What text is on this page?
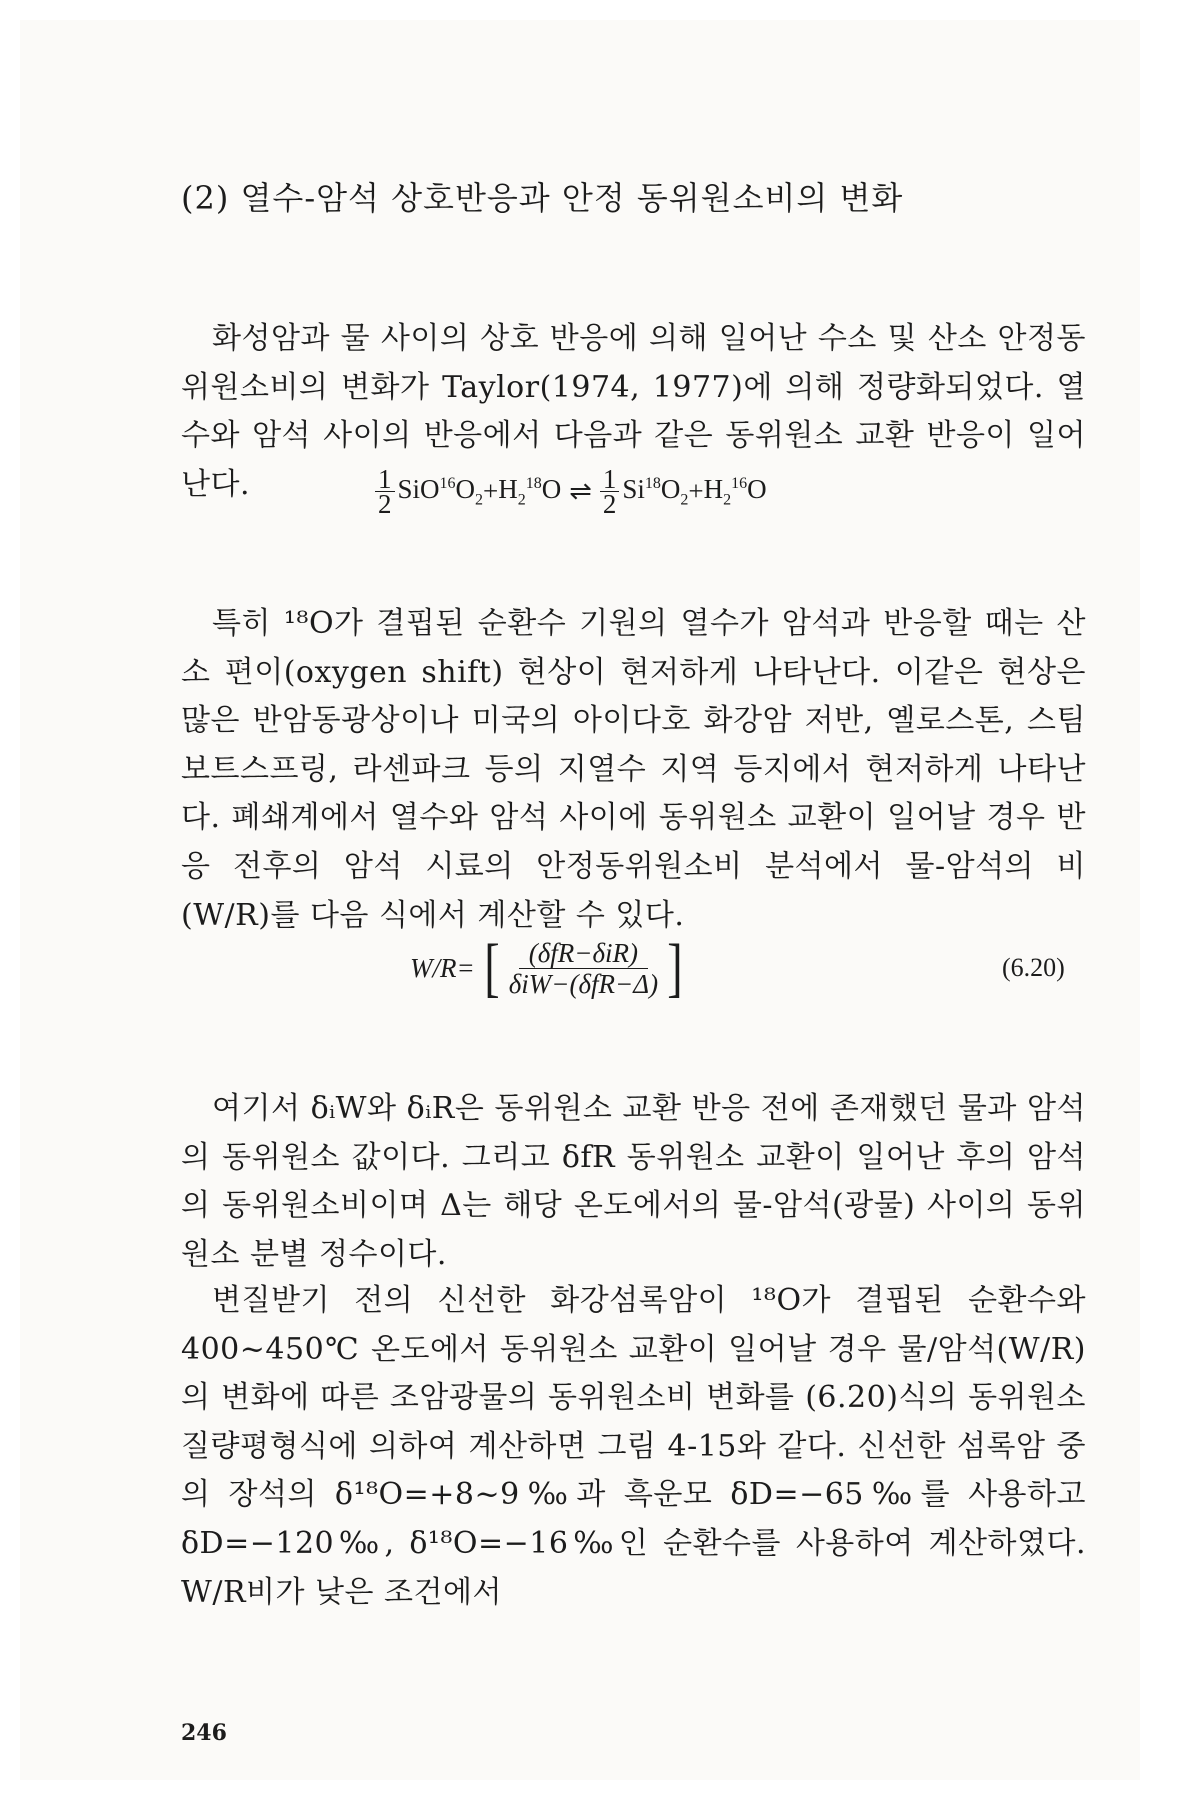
(2) 열수-암석 상호반응과 안정 동위원소비의 변화

화성암과 물 사이의 상호 반응에 의해 일어난 수소 및 산소 안정동위원소비의 변화가 Taylor(1974, 1977)에 의해 정량화되었다. 열수와 암석 사이의 반응에서 다음과 같은 동위원소 교환 반응이 일어난다.	$\frac{1}{2} SiO^{16}O_2 + H_2^{18}O$ ⇌ $\frac{1}{2} Si^{18}O_2 + H_2^{16}O$

특히 ¹⁸O가 결핍된 순환수 기원의 열수가 암석과 반응할 때는 산소 편이(oxygen shift) 현상이 현저하게 나타난다. 이같은 현상은 많은 반암동광상이나 미국의 아이다호 화강암 저반, 옐로스톤, 스팀보트스프링, 라센파크 등의 지열수 지역 등지에서 현저하게 나타난다. 폐쇄계에서 열수와 암석 사이에 동위원소 교환이 일어날 경우 반응 전후의 암석 시료의 안정동위원소비 분석에서 물-암석의 비(W/R)를 다음 식에서 계산할 수 있다.

W/R= [ $\frac{\text{(δfR−δiR)}}{\text{δiW−(δfR−Δ)}}$ ]	(6.20)

여기서 δᵢW와 δᵢR은 동위원소 교환 반응 전에 존재했던 물과 암석의 동위원소 값이다. 그리고 δfR 동위원소 교환이 일어난 후의 암석의 동위원소비이며 Δ는 해당 온도에서의 물-암석(광물) 사이의 동위원소 분별 정수이다.

변질받기 전의 신선한 화강섬록암이 ¹⁸O가 결핍된 순환수와 400~450℃ 온도에서 동위원소 교환이 일어날 경우 물/암석(W/R)의 변화에 따른 조암광물의 동위원소비 변화를 (6.20)식의 동위원소 질량평형식에 의하여 계산하면 그림 4-15와 같다. 신선한 섬록암 중의 장석의 δ¹⁸O=+8~9‰과 흑운모 δD=−65‰를 사용하고 δD=−120‰, δ¹⁸O=−16‰인 순환수를 사용하여 계산하였다. W/R비가 낮은 조건에서

246
